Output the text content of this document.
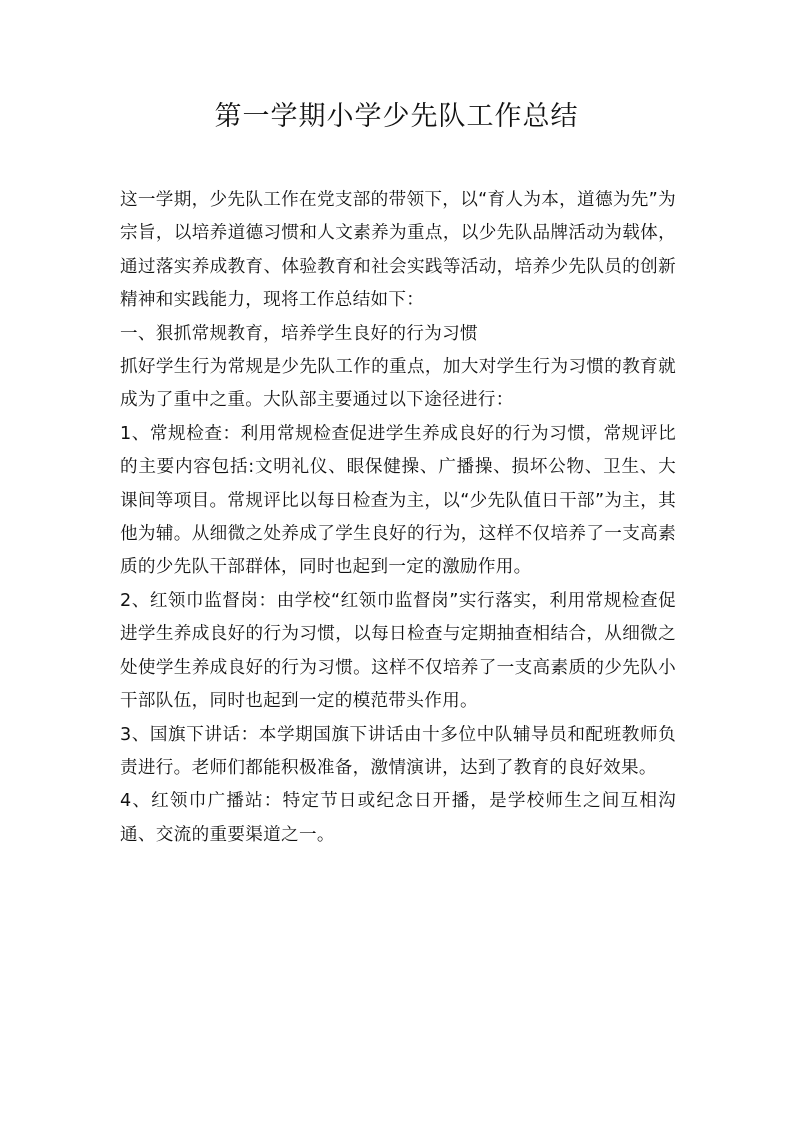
第一学期小学少先队工作总结

这一学期，少先队工作在党支部的带领下，以“育人为本，道德为先”为宗旨，以培养道德习惯和人文素养为重点，以少先队品牌活动为载体，通过落实养成教育、体验教育和社会实践等活动，培养少先队员的创新精神和实践能力，现将工作总结如下：

一、狠抓常规教育，培养学生良好的行为习惯

抓好学生行为常规是少先队工作的重点，加大对学生行为习惯的教育就成为了重中之重。大队部主要通过以下途径进行：

1、常规检查：利用常规检查促进学生养成良好的行为习惯，常规评比的主要内容包括:文明礼仪、眼保健操、广播操、损坏公物、卫生、大课间等项目。常规评比以每日检查为主，以“少先队值日干部”为主，其他为辅。从细微之处养成了学生良好的行为，这样不仅培养了一支高素质的少先队干部群体，同时也起到一定的激励作用。

2、红领巾监督岗：由学校“红领巾监督岗”实行落实，利用常规检查促进学生养成良好的行为习惯，以每日检查与定期抽查相结合，从细微之处使学生养成良好的行为习惯。这样不仅培养了一支高素质的少先队小干部队伍，同时也起到一定的模范带头作用。

3、国旗下讲话：本学期国旗下讲话由十多位中队辅导员和配班教师负责进行。老师们都能积极准备，激情演讲，达到了教育的良好效果。

4、红领巾广播站：特定节日或纪念日开播，是学校师生之间互相沟通、交流的重要渠道之一。
